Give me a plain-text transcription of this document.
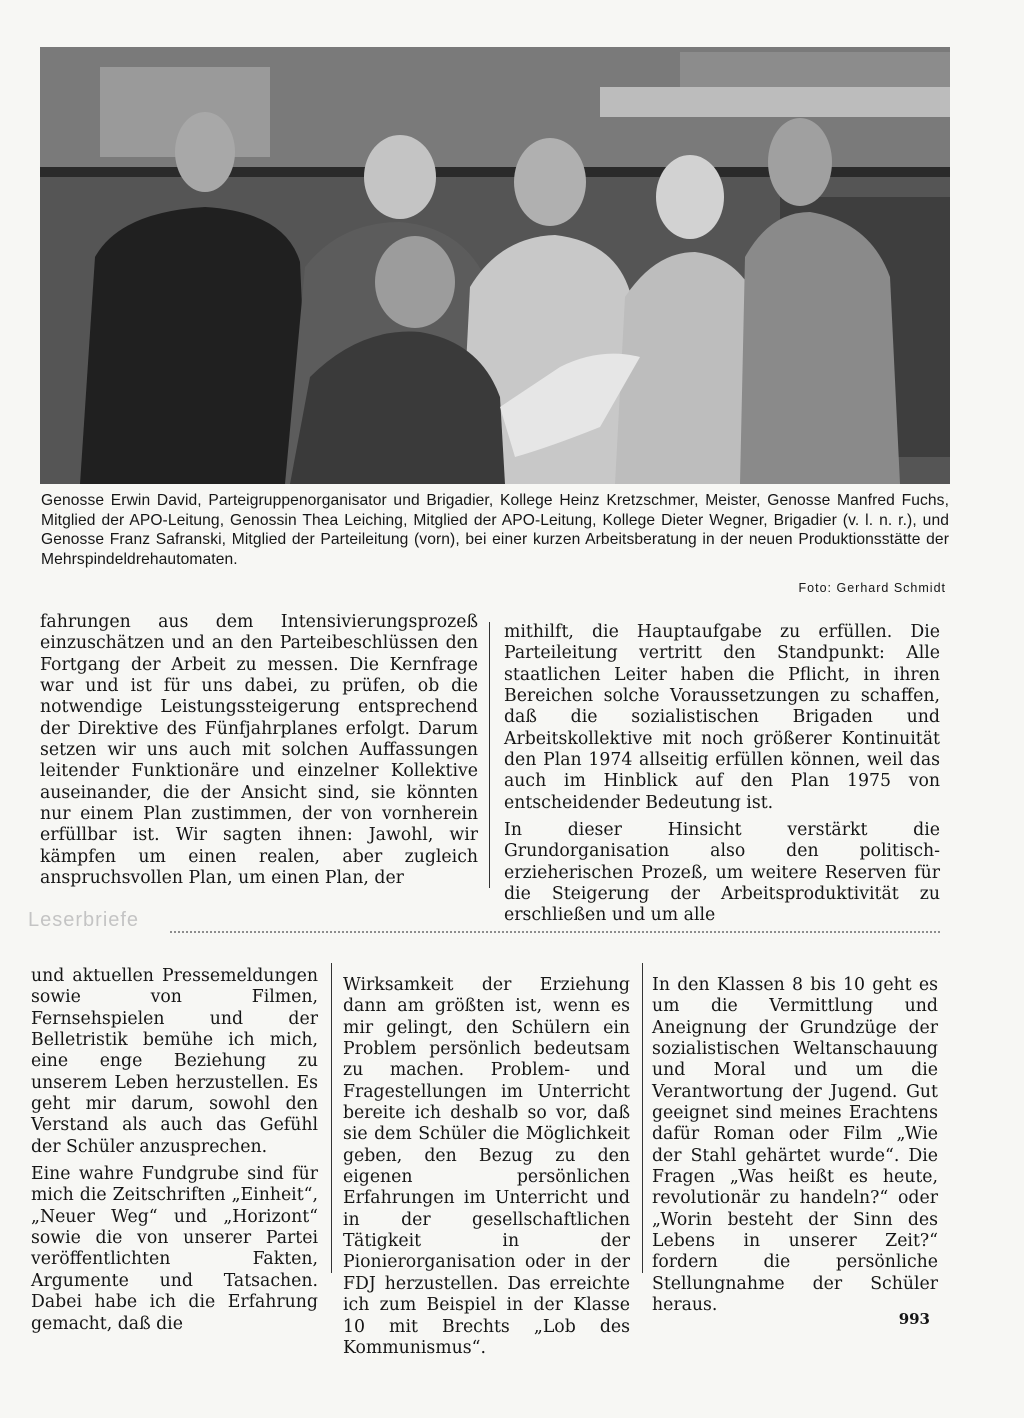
Genosse Erwin David, Parteigruppenorganisator und Brigadier, Kollege Heinz Kretzschmer, Meister, Genosse Manfred Fuchs, Mitglied der APO-Leitung, Genossin Thea Leiching, Mitglied der APO-Leitung, Kollege Dieter Wegner, Brigadier (v. l. n. r.), und Genosse Franz Safranski, Mitglied der Parteileitung (vorn), bei einer kurzen Arbeitsberatung in der neuen Produktionsstätte der Mehrspindeldrehautomaten.
Foto: Gerhard Schmidt

fahrungen aus dem Intensivierungsprozeß einzuschätzen und an den Parteibeschlüssen den Fortgang der Arbeit zu messen. Die Kernfrage war und ist für uns dabei, zu prüfen, ob die notwendige Leistungssteigerung entsprechend der Direktive des Fünfjahrplanes erfolgt. Darum setzen wir uns auch mit solchen Auffassungen leitender Funktionäre und einzelner Kollektive auseinander, die der Ansicht sind, sie könnten nur einem Plan zustimmen, der von vornherein erfüllbar ist. Wir sagten ihnen: Jawohl, wir kämpfen um einen realen, aber zugleich anspruchsvollen Plan, um einen Plan, der

mithilft, die Hauptaufgabe zu erfüllen. Die Parteileitung vertritt den Standpunkt: Alle staatlichen Leiter haben die Pflicht, in ihren Bereichen solche Voraussetzungen zu schaffen, daß die sozialistischen Brigaden und Arbeitskollektive mit noch größerer Kontinuität den Plan 1974 allseitig erfüllen können, weil das auch im Hinblick auf den Plan 1975 von entscheidender Bedeutung ist.

In dieser Hinsicht verstärkt die Grundorganisation also den politisch-erzieherischen Prozeß, um weitere Reserven für die Steigerung der Arbeitsproduktivität zu erschließen und um alle

Leserbriefe

und aktuellen Pressemeldungen sowie von Filmen, Fernsehspielen und der Belletristik bemühe ich mich, eine enge Beziehung zu unserem Leben herzustellen. Es geht mir darum, sowohl den Verstand als auch das Gefühl der Schüler anzusprechen.

Eine wahre Fundgrube sind für mich die Zeitschriften „Einheit“, „Neuer Weg“ und „Horizont“ sowie die von unserer Partei veröffentlichten Fakten, Argumente und Tatsachen. Dabei habe ich die Erfahrung gemacht, daß die

Wirksamkeit der Erziehung dann am größten ist, wenn es mir gelingt, den Schülern ein Problem persönlich bedeutsam zu machen. Problem- und Fragestellungen im Unterricht bereite ich deshalb so vor, daß sie dem Schüler die Möglichkeit geben, den Bezug zu den eigenen persönlichen Erfahrungen im Unterricht und in der gesellschaftlichen Tätigkeit in der Pionierorganisation oder in der FDJ herzustellen. Das erreichte ich zum Beispiel in der Klasse 10 mit Brechts „Lob des Kommunismus“.

In den Klassen 8 bis 10 geht es um die Vermittlung und Aneignung der Grundzüge der sozialistischen Weltanschauung und Moral und um die Verantwortung der Jugend. Gut geeignet sind meines Erachtens dafür Roman oder Film „Wie der Stahl gehärtet wurde“. Die Fragen „Was heißt es heute, revolutionär zu handeln?“ oder „Worin besteht der Sinn des Lebens in unserer Zeit?“ fordern die persönliche Stellungnahme der Schüler heraus.

993
